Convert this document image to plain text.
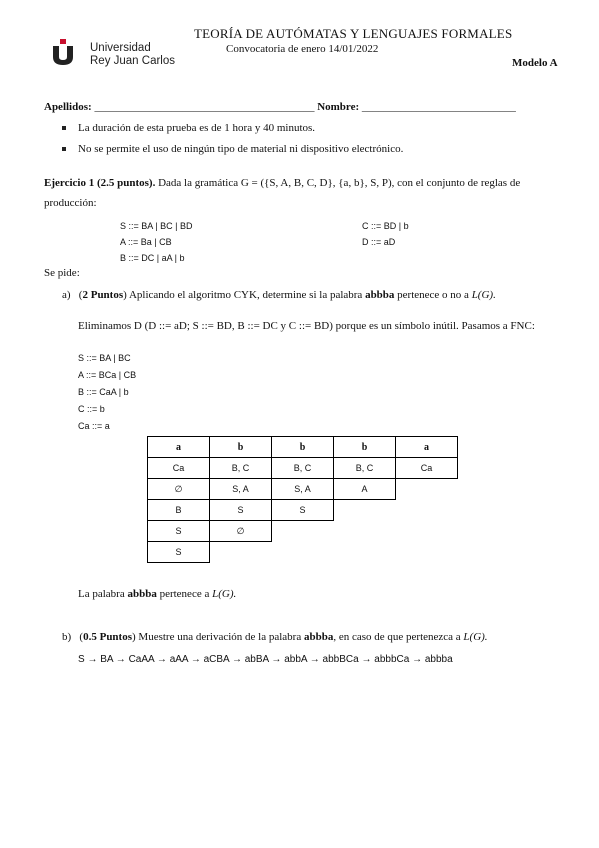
Universidad
Rey Juan Carlos
TEORÍA DE AUTÓMATAS Y LENGUAJES FORMALES
Convocatoria de enero 14/01/2022
Modelo A
Apellidos: ________________________________________ Nombre: ____________________________
La duración de esta prueba es de 1 hora y 40 minutos.
No se permite el uso de ningún tipo de material ni dispositivo electrónico.
Ejercicio 1 (2.5 puntos). Dada la gramática G = ({S, A, B, C, D}, {a, b}, S, P), con el conjunto de reglas de
producción:
S ::= BA | BC | BD
A ::= Ba | CB
B ::= DC | aA | b
C ::= BD | b
D ::= aD
Se pide:
a)   (2 Puntos) Aplicando el algoritmo CYK, determine si la palabra abbba pertenece o no a L(G).
Eliminamos D (D ::= aD; S ::= BD, B ::= DC y C ::= BD) porque es un símbolo inútil. Pasamos a FNC:
S ::= BA | BC
A ::= BCa | CB
B ::= CaA | b
C ::= b
Ca ::= a
a	b	b	b	a
Ca	B, C	B, C	B, C	Ca
∅	S, A	S, A	A	
B	S	S		
S	∅			
S				
La palabra abbba pertenece a L(G).
b)   (0.5 Puntos) Muestre una derivación de la palabra abbba, en caso de que pertenezca a L(G).
S → BA → CaAA → aAA → aCBA → abBA → abbA → abbBCa → abbbCa → abbba
